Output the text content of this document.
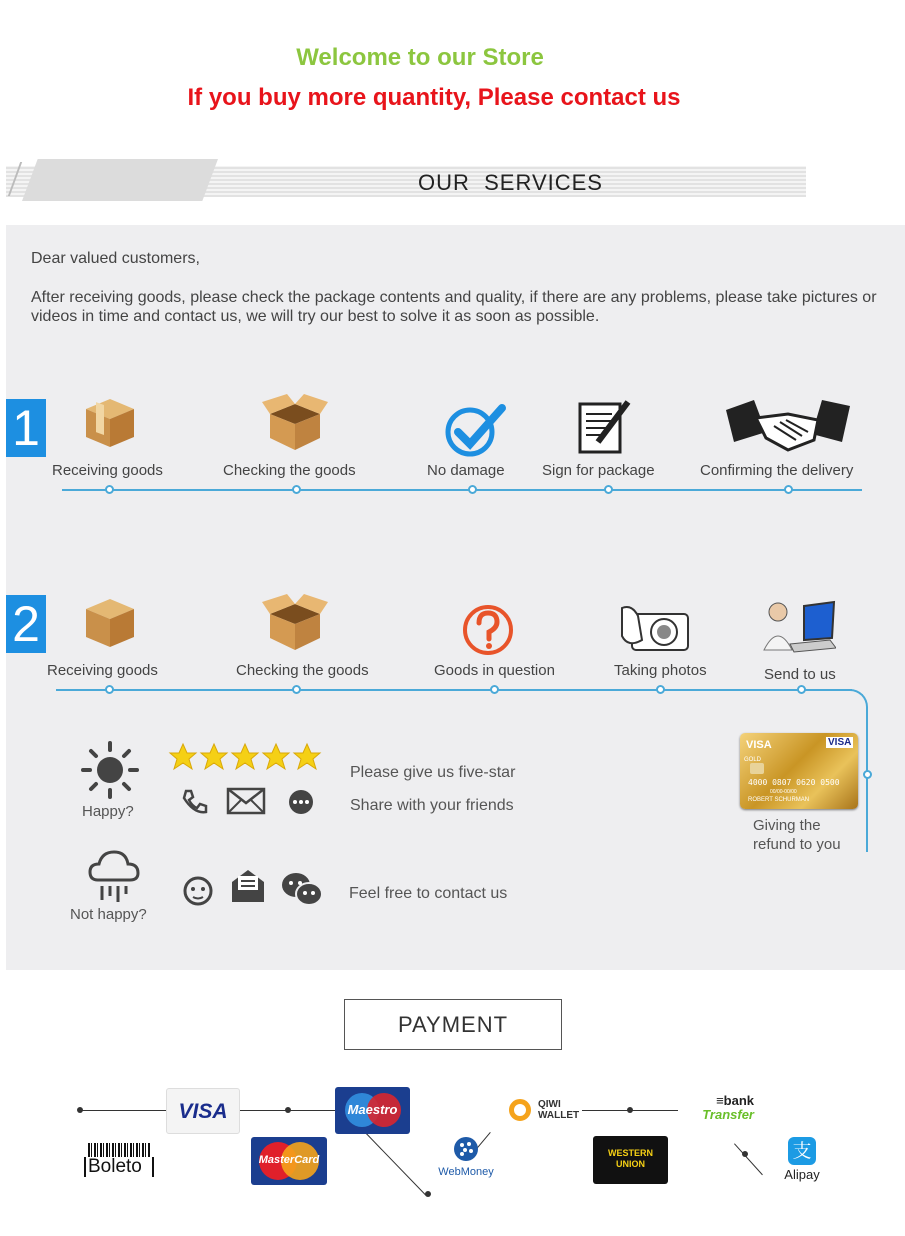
Welcome to our Store
If you buy more quantity, Please contact us
OUR  SERVICES
Dear valued customers,
After receiving goods, please check the package contents and quality, if there are any problems, please take pictures or videos in time and contact us, we will try our best to solve it as soon as possible.
1
Receiving goods	Checking the goods	No damage Sign for package	Confirming the delivery
2
Receiving goods	Checking the goods	Goods in question	Taking photos	Send to us
VISA	VISA
GOLD
4000 0807 0620 0500
00/00-00/00
ROBERT SCHURMAN
Giving the
refund to you
Happy?
Please give us five-star
Share with your friends
Not happy?
Feel free to contact us
PAYMENT
VISA	Maestro
MasterCard
Boleto	WebMoney
QIWI
WALLET
≡bank
Transfer
WESTERN
UNION
支
Alipay
